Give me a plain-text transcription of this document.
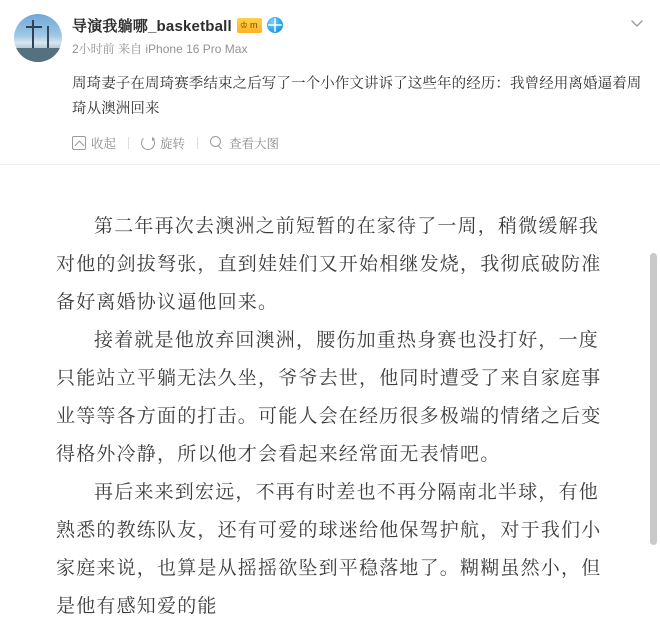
导演我躺哪_basketball ♔ m
2小时前 来自 iPhone 16 Pro Max
周琦妻子在周琦赛季结束之后写了一个小作文讲诉了这些年的经历：我曾经用离婚逼着周琦从澳洲回来
收起	旋转	查看大图

第二年再次去澳洲之前短暂的在家待了一周，稍微缓解我对他的剑拔弩张，直到娃娃们又开始相继发烧，我彻底破防准备好离婚协议逼他回来。

接着就是他放弃回澳洲，腰伤加重热身赛也没打好，一度只能站立平躺无法久坐，爷爷去世，他同时遭受了来自家庭事业等等各方面的打击。可能人会在经历很多极端的情绪之后变得格外冷静，所以他才会看起来经常面无表情吧。

再后来来到宏远，不再有时差也不再分隔南北半球，有他熟悉的教练队友，还有可爱的球迷给他保驾护航，对于我们小家庭来说，也算是从摇摇欲坠到平稳落地了。糊糊虽然小，但是他有感知爱的能
